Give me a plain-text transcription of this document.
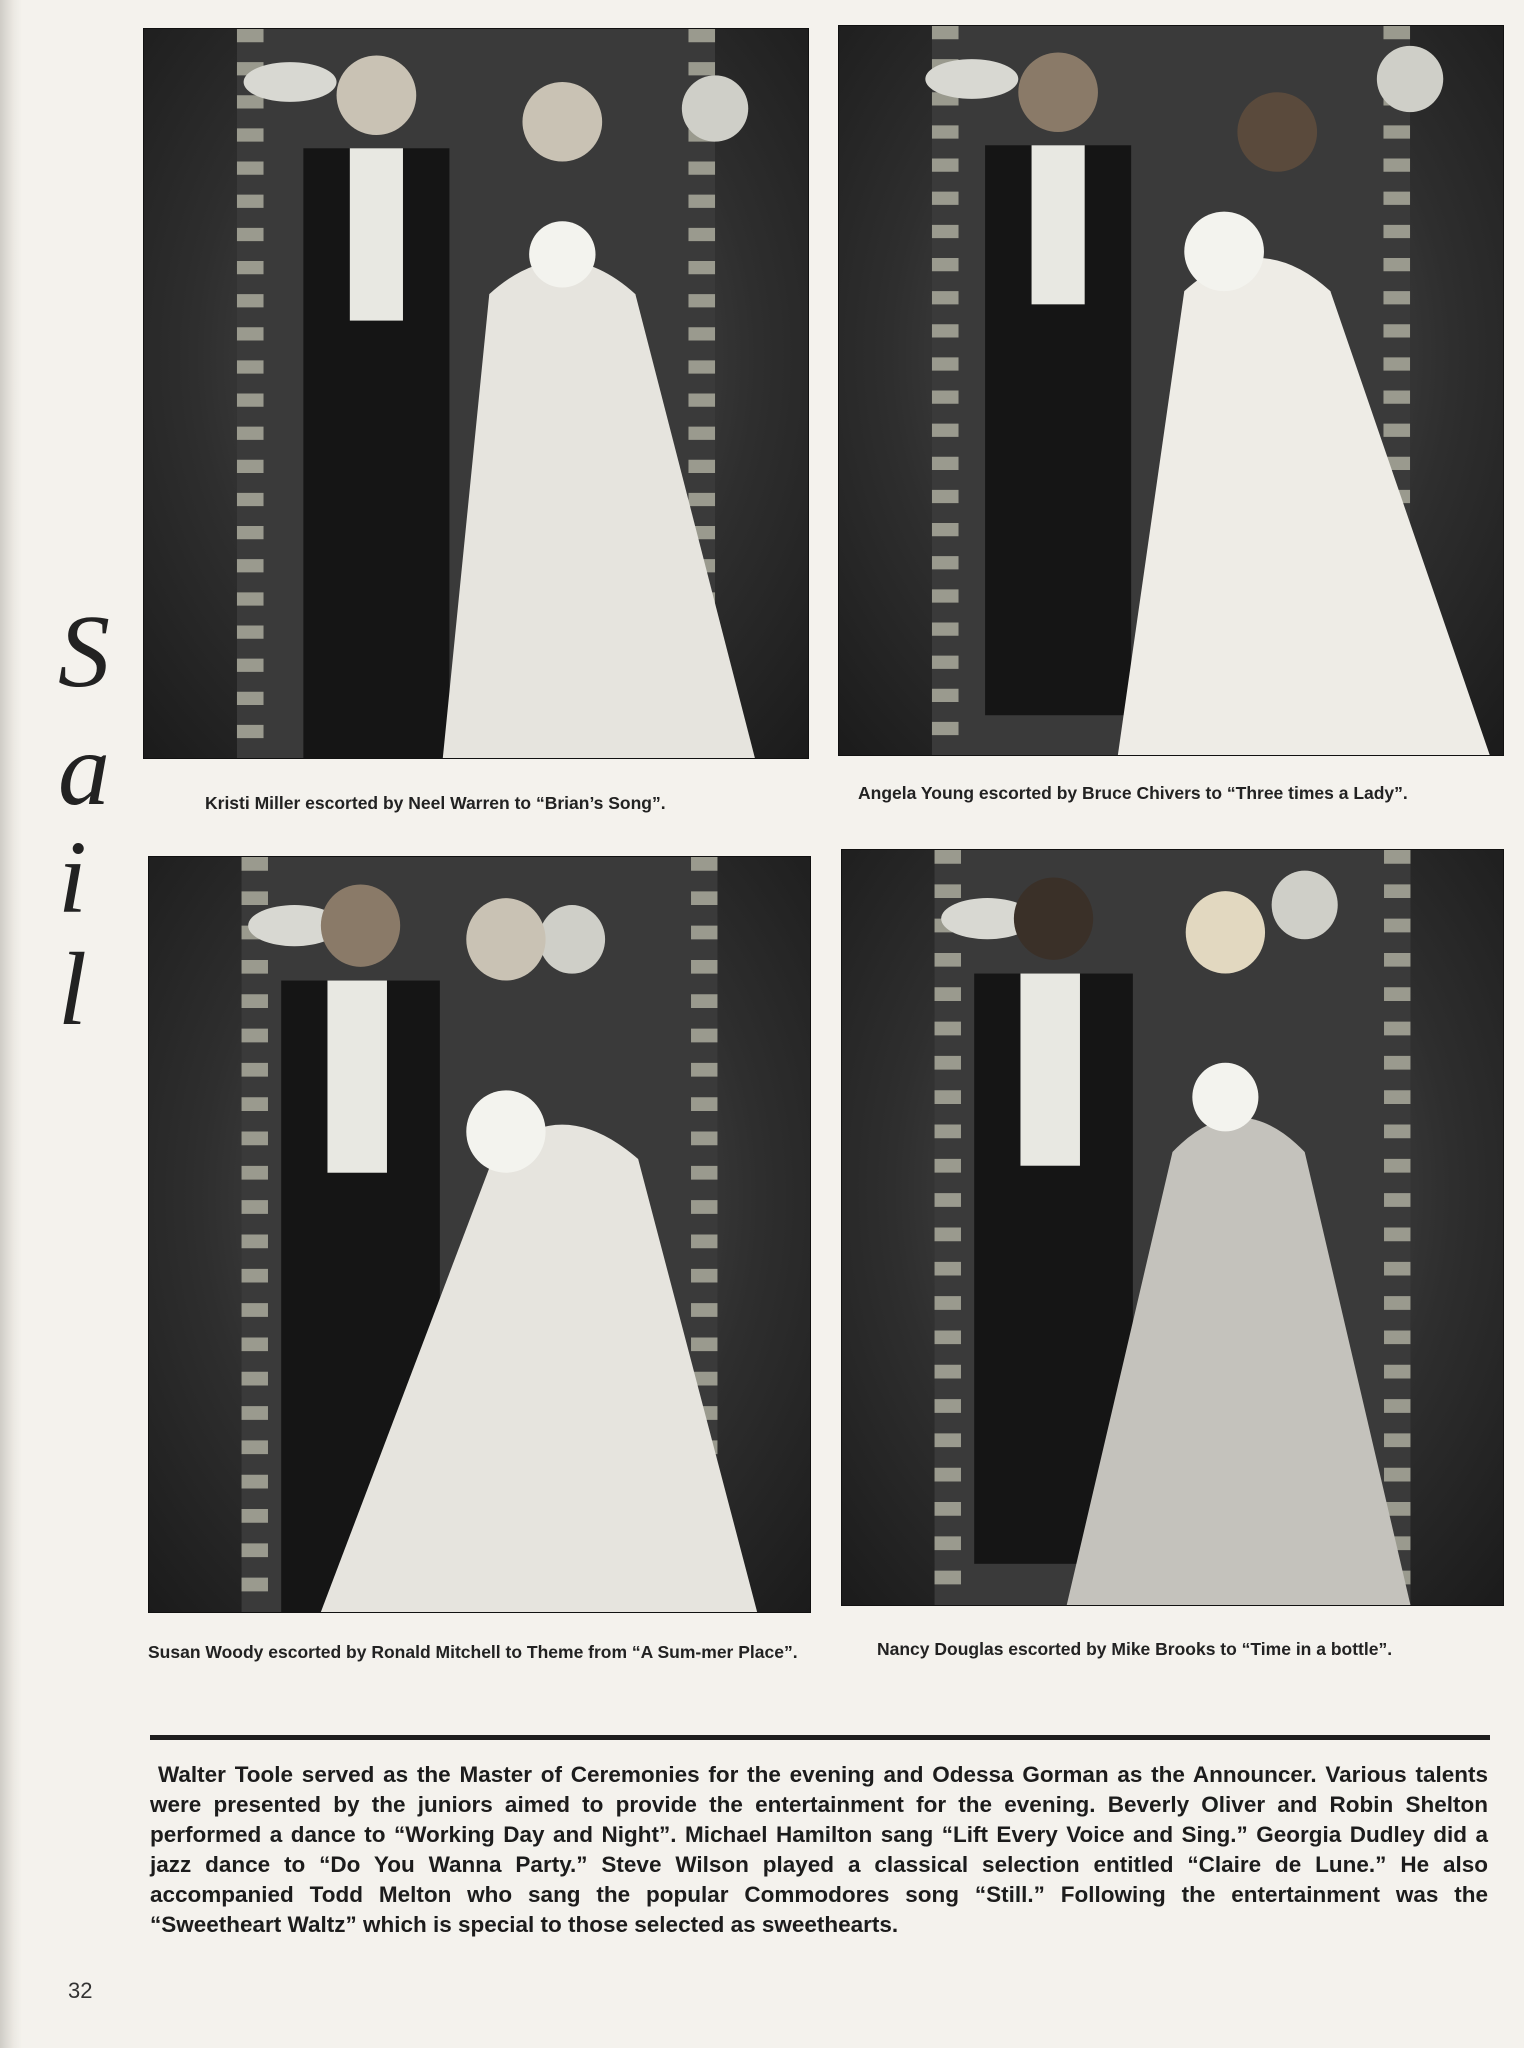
S
a
i
l
Kristi Miller escorted by Neel Warren to “Brian’s Song”.	Angela Young escorted by Bruce Chivers to “Three times a Lady”.
Susan Woody escorted by Ronald Mitchell to Theme from “A Sum-mer Place”.	Nancy Douglas escorted by Mike Brooks to “Time in a bottle”.
Walter Toole served as the Master of Ceremonies for the evening and Odessa Gorman as the Announcer. Various talents were presented by the juniors aimed to provide the entertainment for the evening. Beverly Oliver and Robin Shelton performed a dance to “Working Day and Night”. Michael Hamilton sang “Lift Every Voice and Sing.” Georgia Dudley did a jazz dance to “Do You Wanna Party.” Steve Wilson played a classical selection entitled “Claire de Lune.” He also accompanied Todd Melton who sang the popular Commodores song “Still.” Following the entertainment was the “Sweetheart Waltz” which is special to those selected as sweethearts.
32
